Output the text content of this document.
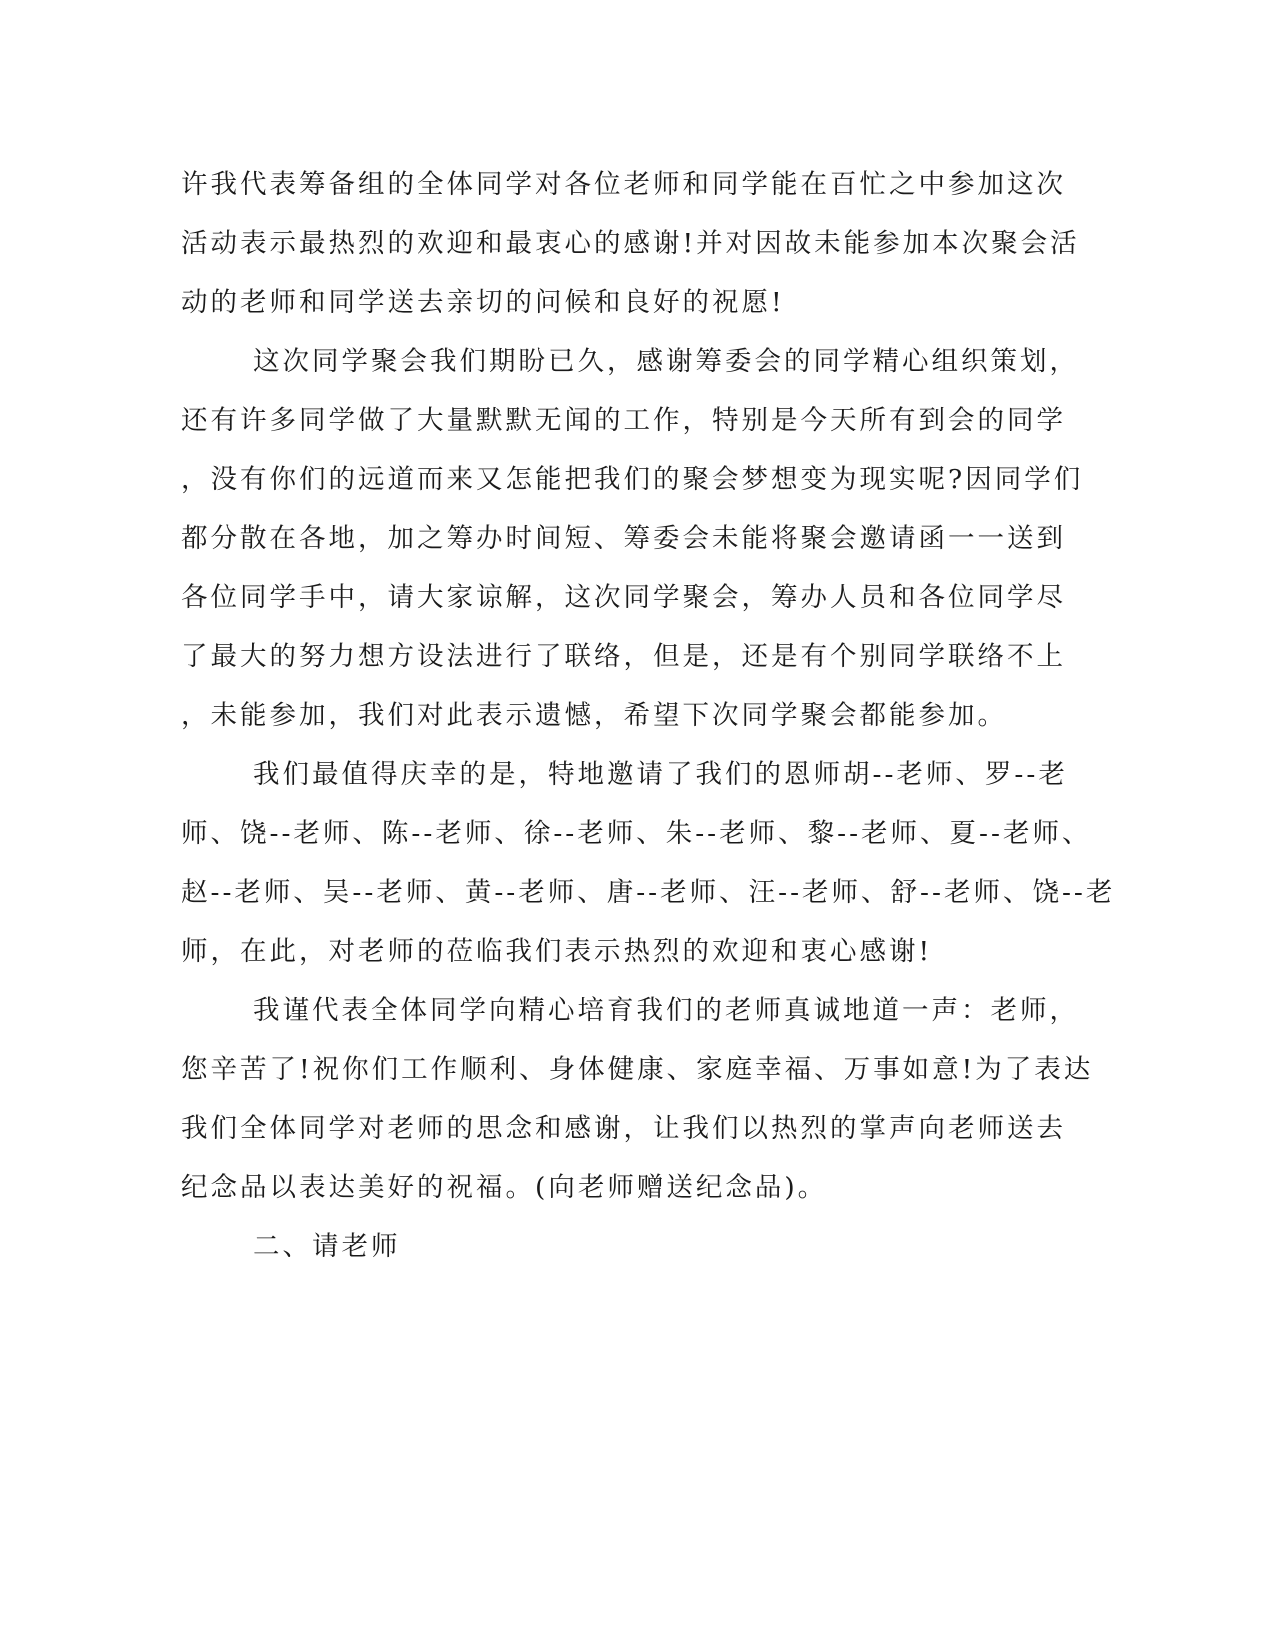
许我代表筹备组的全体同学对各位老师和同学能在百忙之中参加这次
活动表示最热烈的欢迎和最衷心的感谢!并对因故未能参加本次聚会活
动的老师和同学送去亲切的问候和良好的祝愿!
这次同学聚会我们期盼已久，感谢筹委会的同学精心组织策划，
还有许多同学做了大量默默无闻的工作，特别是今天所有到会的同学
，没有你们的远道而来又怎能把我们的聚会梦想变为现实呢?因同学们
都分散在各地，加之筹办时间短、筹委会未能将聚会邀请函一一送到
各位同学手中，请大家谅解，这次同学聚会，筹办人员和各位同学尽
了最大的努力想方设法进行了联络，但是，还是有个别同学联络不上
，未能参加，我们对此表示遗憾，希望下次同学聚会都能参加。
我们最值得庆幸的是，特地邀请了我们的恩师胡--老师、罗--老
师、饶--老师、陈--老师、徐--老师、朱--老师、黎--老师、夏--老师、
赵--老师、吴--老师、黄--老师、唐--老师、汪--老师、舒--老师、饶--老
师，在此，对老师的莅临我们表示热烈的欢迎和衷心感谢!
我谨代表全体同学向精心培育我们的老师真诚地道一声：老师，
您辛苦了!祝你们工作顺利、身体健康、家庭幸福、万事如意!为了表达
我们全体同学对老师的思念和感谢，让我们以热烈的掌声向老师送去
纪念品以表达美好的祝福。(向老师赠送纪念品)。
二、请老师
